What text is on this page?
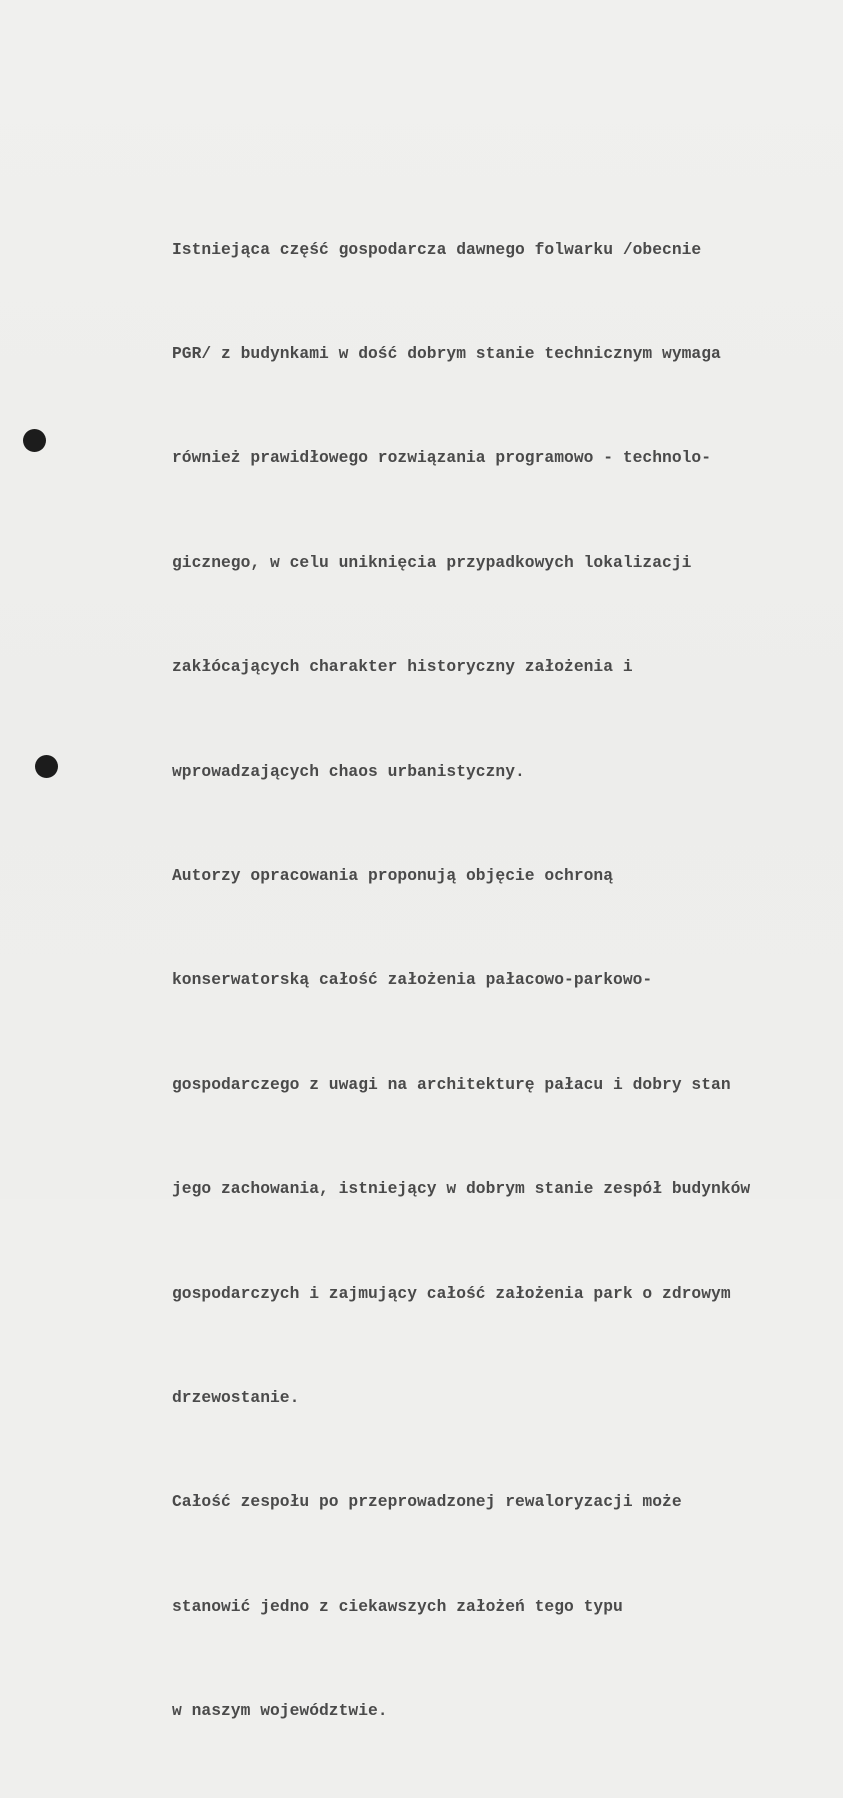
Istniejąca część gospodarcza dawnego folwarku /obecnie

PGR/ z budynkami w dość dobrym stanie technicznym wymaga

również prawidłowego rozwiązania programowo - technolo-

gicznego, w celu uniknięcia przypadkowych lokalizacji

zakłócających charakter historyczny założenia i

wprowadzających chaos urbanistyczny.

Autorzy opracowania proponują objęcie ochroną

konserwatorską całość założenia pałacowo-parkowo-

gospodarczego z uwagi na architekturę pałacu i dobry stan

jego zachowania, istniejący w dobrym stanie zespół budynków

gospodarczych i zajmujący całość założenia park o zdrowym

drzewostanie.

Całość zespołu po przeprowadzonej rewaloryzacji może

stanowić jedno z ciekawszych założeń tego typu

w naszym województwie.
